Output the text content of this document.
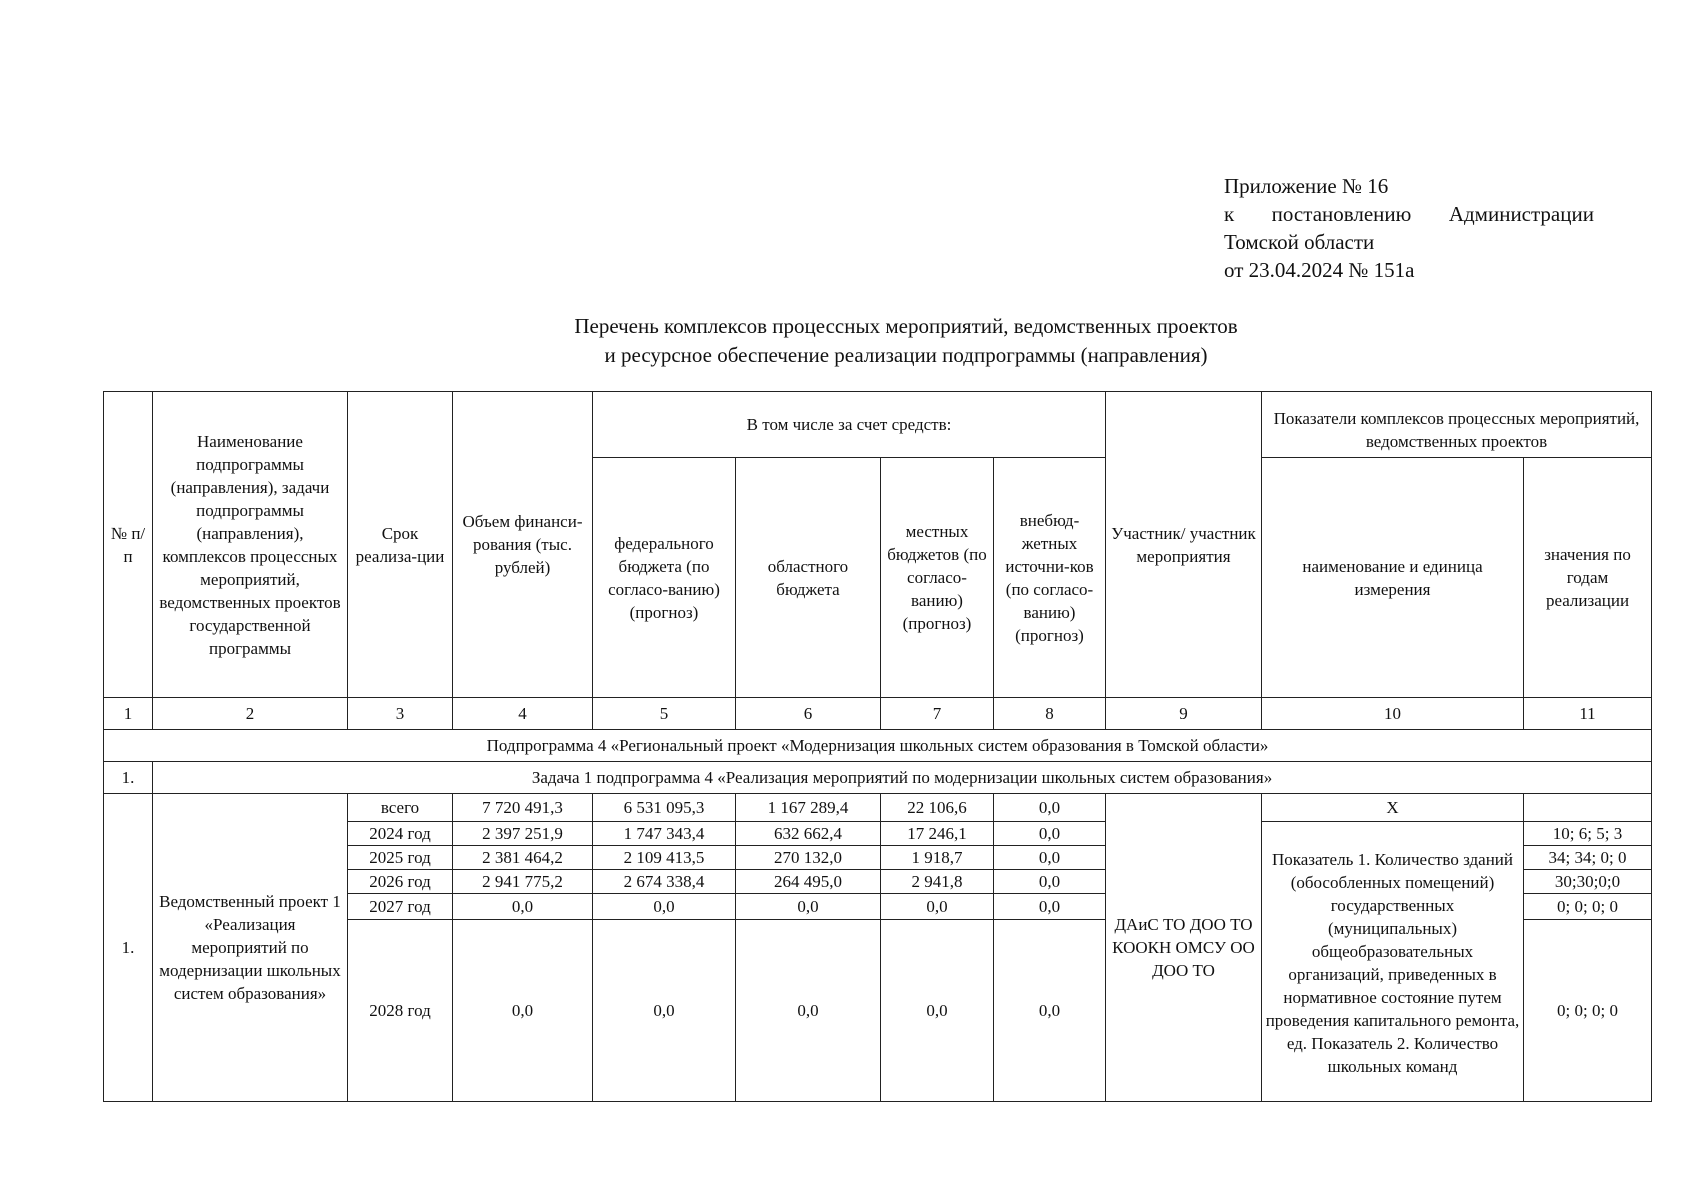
Приложение № 16
к постановлению Администрации
Томской области
от 23.04.2024 № 151а
Перечень комплексов процессных мероприятий, ведомственных проектов
и ресурсное обеспечение реализации подпрограммы (направления)
№ п/п	Наименование подпрограммы (направления), задачи подпрограммы (направления), комплексов процессных мероприятий, ведомственных проектов государственной программы	Срок реализа-ции	Объем финанси-рования (тыс. рублей)	В том числе за счет средств:				Участник/ участник мероприятия	Показатели комплексов процессных мероприятий, ведомственных проектов	
				федерального бюджета (по согласо-ванию) (прогноз)	областного бюджета	местных бюджетов (по согласо-ванию) (прогноз)	внебюд-жетных источни-ков (по согласо-ванию) (прогноз)		наименование и единица измерения	значения по годам реализации
1	2	3	4	5	6	7	8	9	10	11
Подпрограмма 4 «Региональный проект «Модернизация школьных систем образования в Томской области»										
1.	Задача 1 подпрограмма 4 «Реализация мероприятий по модернизации школьных систем образования»									
1.	Ведомственный проект 1 «Реализация мероприятий по модернизации школьных систем образования»	всего	7 720 491,3	6 531 095,3	1 167 289,4	22 106,6	0,0	ДАиС ТО ДОО ТО КООКН ОМСУ ОО ДОО ТО	Х	
		2024 год	2 397 251,9	1 747 343,4	632 662,4	17 246,1	0,0		Показатель 1. Количество зданий (обособленных помещений) государственных (муниципальных) общеобразовательных организаций, приведенных в нормативное состояние путем проведения капитального ремонта, ед. Показатель 2. Количество школьных команд	10; 6; 5; 3
		2025 год	2 381 464,2	2 109 413,5	270 132,0	1 918,7	0,0			34; 34; 0; 0
		2026 год	2 941 775,2	2 674 338,4	264 495,0	2 941,8	0,0			30;30;0;0
		2027 год	0,0	0,0	0,0	0,0	0,0			0; 0; 0; 0
		2028 год	0,0	0,0	0,0	0,0	0,0			0; 0; 0; 0
